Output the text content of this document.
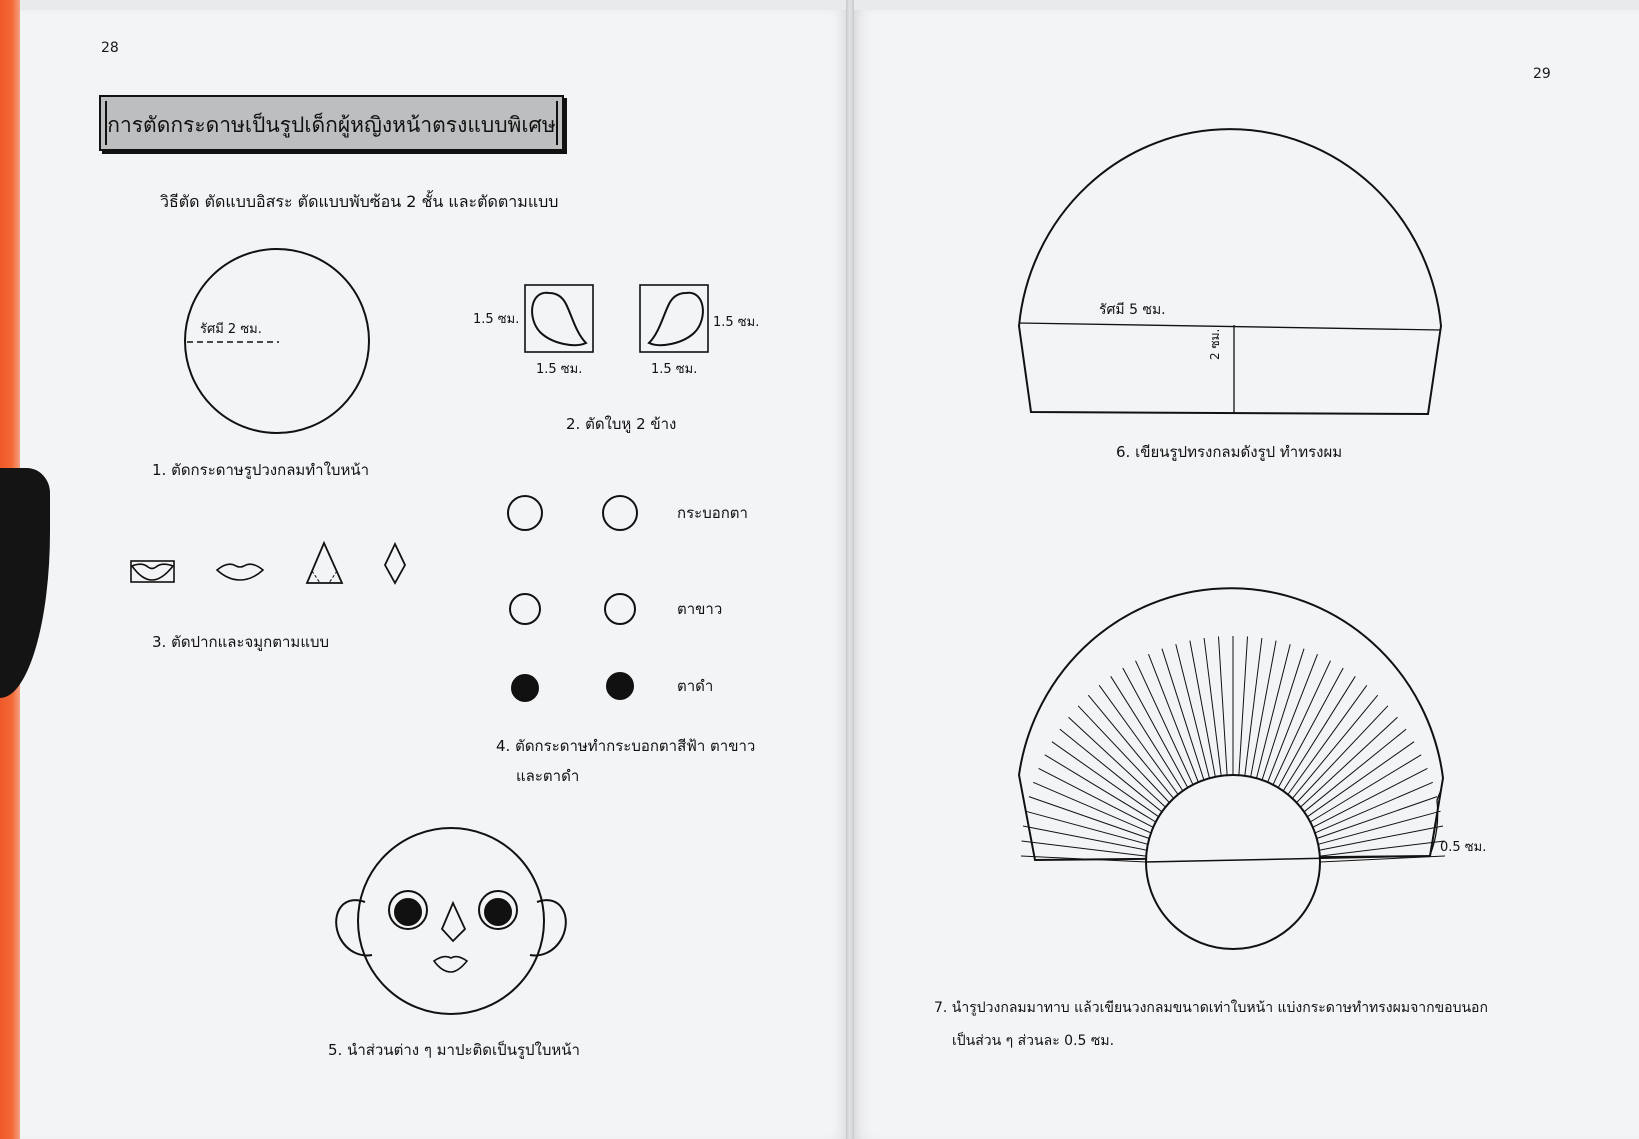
28
29
การตัดกระดาษเป็นรูปเด็กผู้หญิงหน้าตรงแบบพิเศษ
วิธีตัด ตัดแบบอิสระ ตัดแบบพับซ้อน 2 ชั้น และตัดตามแบบ
รัศมี 2 ซม.
1. ตัดกระดาษรูปวงกลมทำใบหน้า
1.5 ซม.
1.5 ซม.	1.5 ซม.
1.5 ซม.
2. ตัดใบหู 2 ข้าง
กระบอกตา
ตาขาว
ตาดำ
3. ตัดปากและจมูกตามแบบ
4. ตัดกระดาษทำกระบอกตาสีฟ้า ตาขาว
และตาดำ
5. นำส่วนต่าง ๆ มาปะติดเป็นรูปใบหน้า
รัศมี 5 ซม.
2 ซม.
6. เขียนรูปทรงกลมดังรูป ทำทรงผม
0.5 ซม.
7. นำรูปวงกลมมาทาบ แล้วเขียนวงกลมขนาดเท่าใบหน้า แบ่งกระดาษทำทรงผมจากขอบนอก
เป็นส่วน ๆ ส่วนละ 0.5 ซม.
